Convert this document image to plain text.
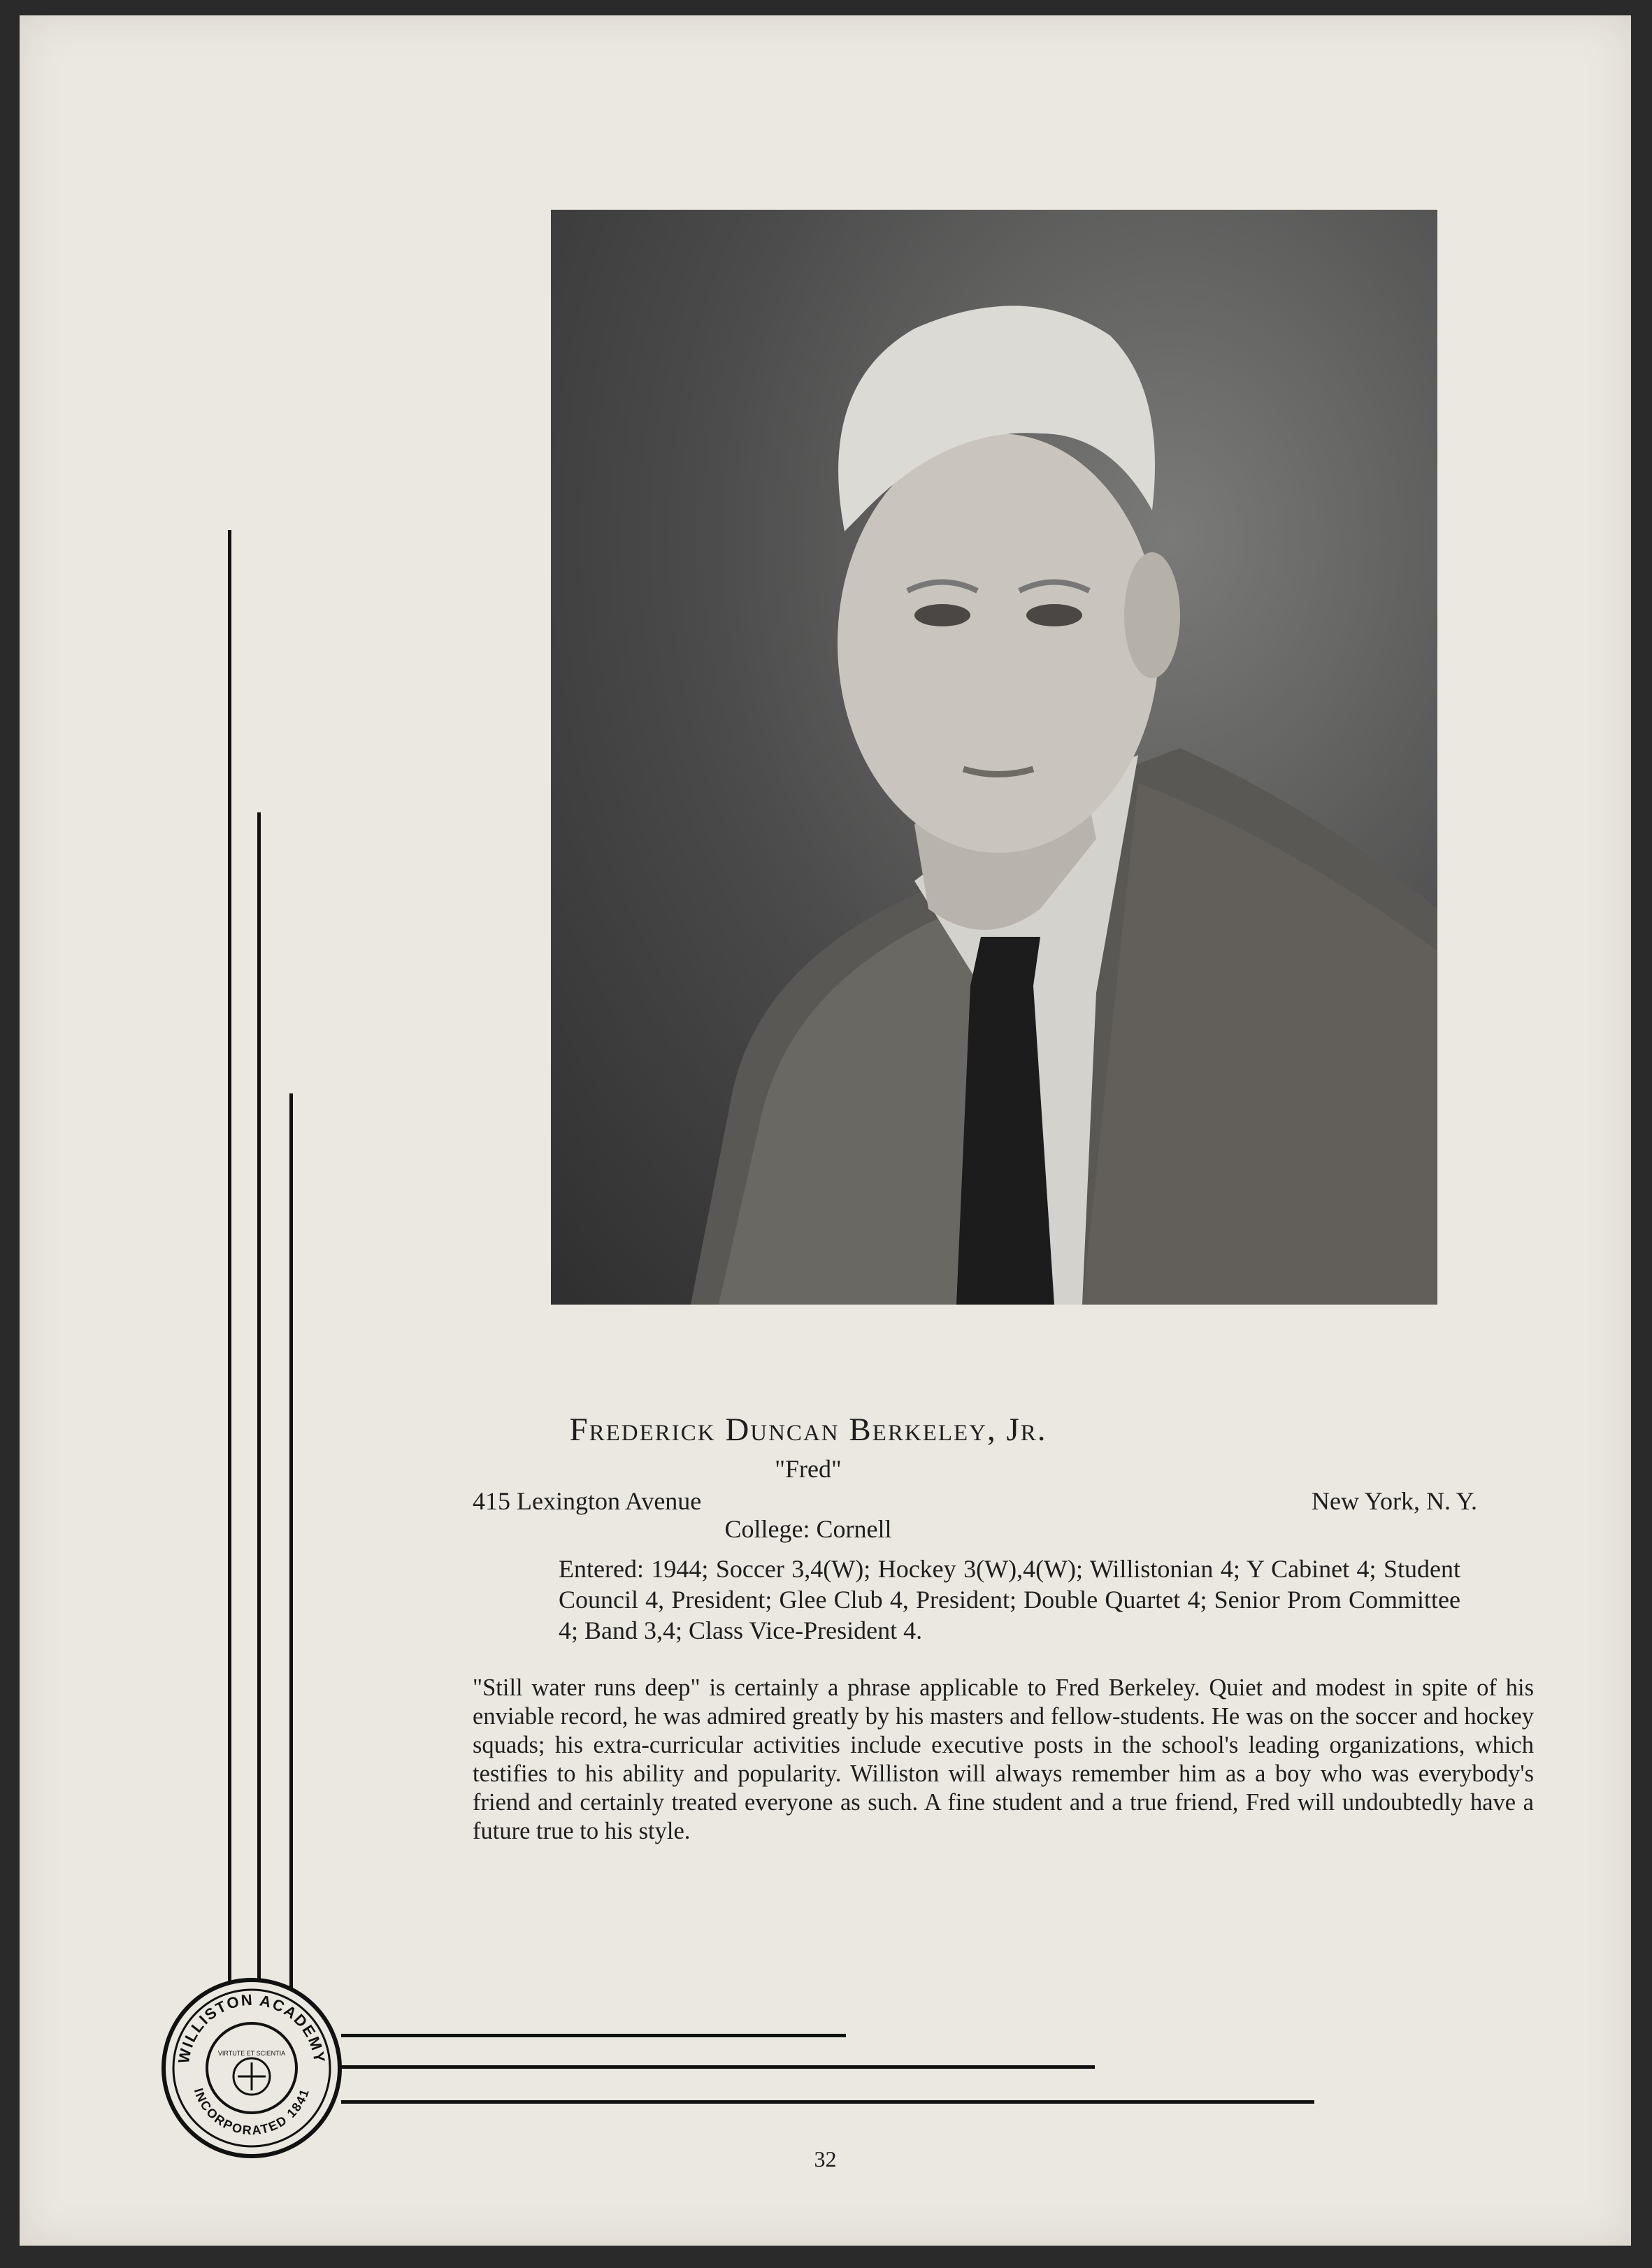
Frederick Duncan Berkeley, Jr.
"Fred"
415 Lexington Avenue	New York, N. Y.
College: Cornell
Entered: 1944; Soccer 3,4(W); Hockey 3(W),4(W); Willistonian 4; Y Cabinet 4; Student Council 4, President; Glee Club 4, President; Double Quartet 4; Senior Prom Committee 4; Band 3,4; Class Vice-President 4.
"Still water runs deep" is certainly a phrase applicable to Fred Berkeley. Quiet and modest in spite of his enviable record, he was admired greatly by his masters and fellow-students. He was on the soccer and hockey squads; his extra-curricular activities include executive posts in the school's leading organizations, which testifies to his ability and popularity. Williston will always remember him as a boy who was everybody's friend and certainly treated everyone as such. A fine student and a true friend, Fred will undoubtedly have a future true to his style.
WILLISTON ACADEMY
INCORPORATED 1841
VIRTUTE ET SCIENTIA
32
